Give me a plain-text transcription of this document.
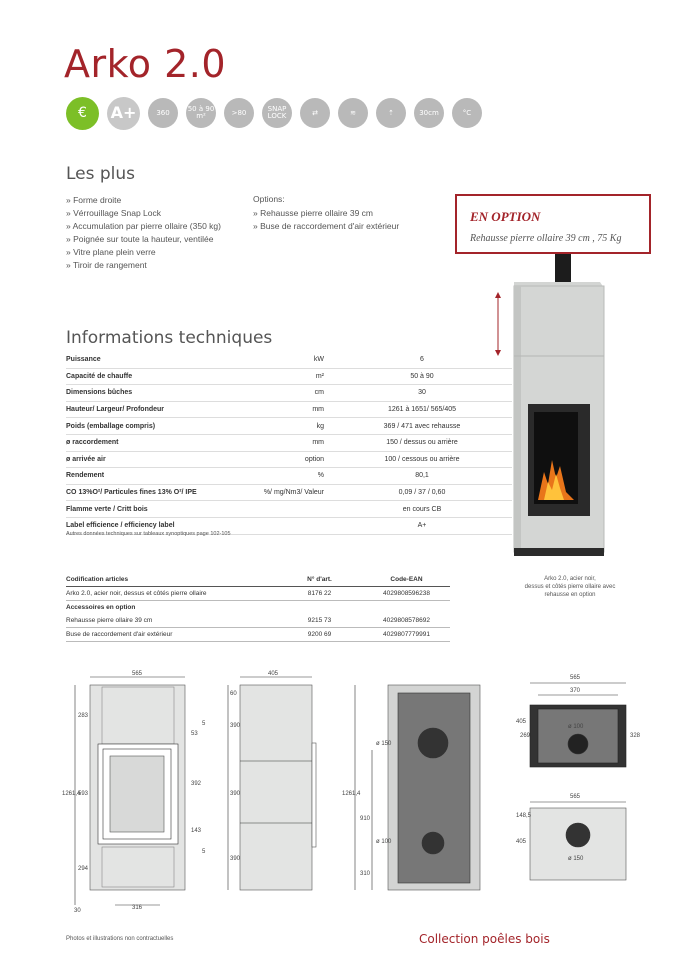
Arko 2.0
€	A+	360	50 à 90 m²	>80	SNAP LOCK	⇄	≋	⇡	30cm	°C
Les plus
» Forme droite
» Vérrouillage Snap Lock
» Accumulation par pierre ollaire (350 kg)
» Poignée sur toute la hauteur, ventilée
» Vitre plane plein verre
» Tiroir de rangement
Options:
» Rehausse pierre ollaire 39 cm
» Buse de raccordement d'air extérieur
EN OPTION
Rehausse pierre ollaire 39 cm , 75 Kg
Arko 2.0, acier noir,
dessus et côtés pierre ollaire avec
rehausse en option
Informations techniques
Puissance	kW	6
Capacité de chauffe	m²	50 à 90
Dimensions bûches	cm	30
Hauteur/ Largeur/ Profondeur	mm	1261 à 1651/ 565/405
Poids (emballage compris)	kg	369 / 471 avec rehausse
ø raccordement	mm	150 / dessus ou arrière
ø arrivée air	option	100 / cessous ou arrière
Rendement	%	80,1
CO 13%O²/ Particules fines 13% O²/ IPE	%/ mg/Nm3/ Valeur	0,09 / 37 / 0,60
Flamme verte / Critt bois		en cours CB
Label efficience / efficiency label		A+
Autres données techniques sur tableaux synoptiques page 102-105
Codification articles	N° d'art.	Code-EAN
Arko 2.0, acier noir, dessus et côtés pierre ollaire	8176 22	4029808596238
Accessoires en option		
Rehausse pierre ollaire 39 cm	9215 73	4029808578692
Buse de raccordement d'air extérieur	9200 69	4029807779991
565
1261,4
283
593
294
30	316
53
5
392
143
5
405
60
390
390
390
1261,4
910
310
ø 150
ø 100
565
370
405
269	328
ø 100
565
405
148,5
ø 150
Photos et illustrations non contractuelles	Collection poêles bois
